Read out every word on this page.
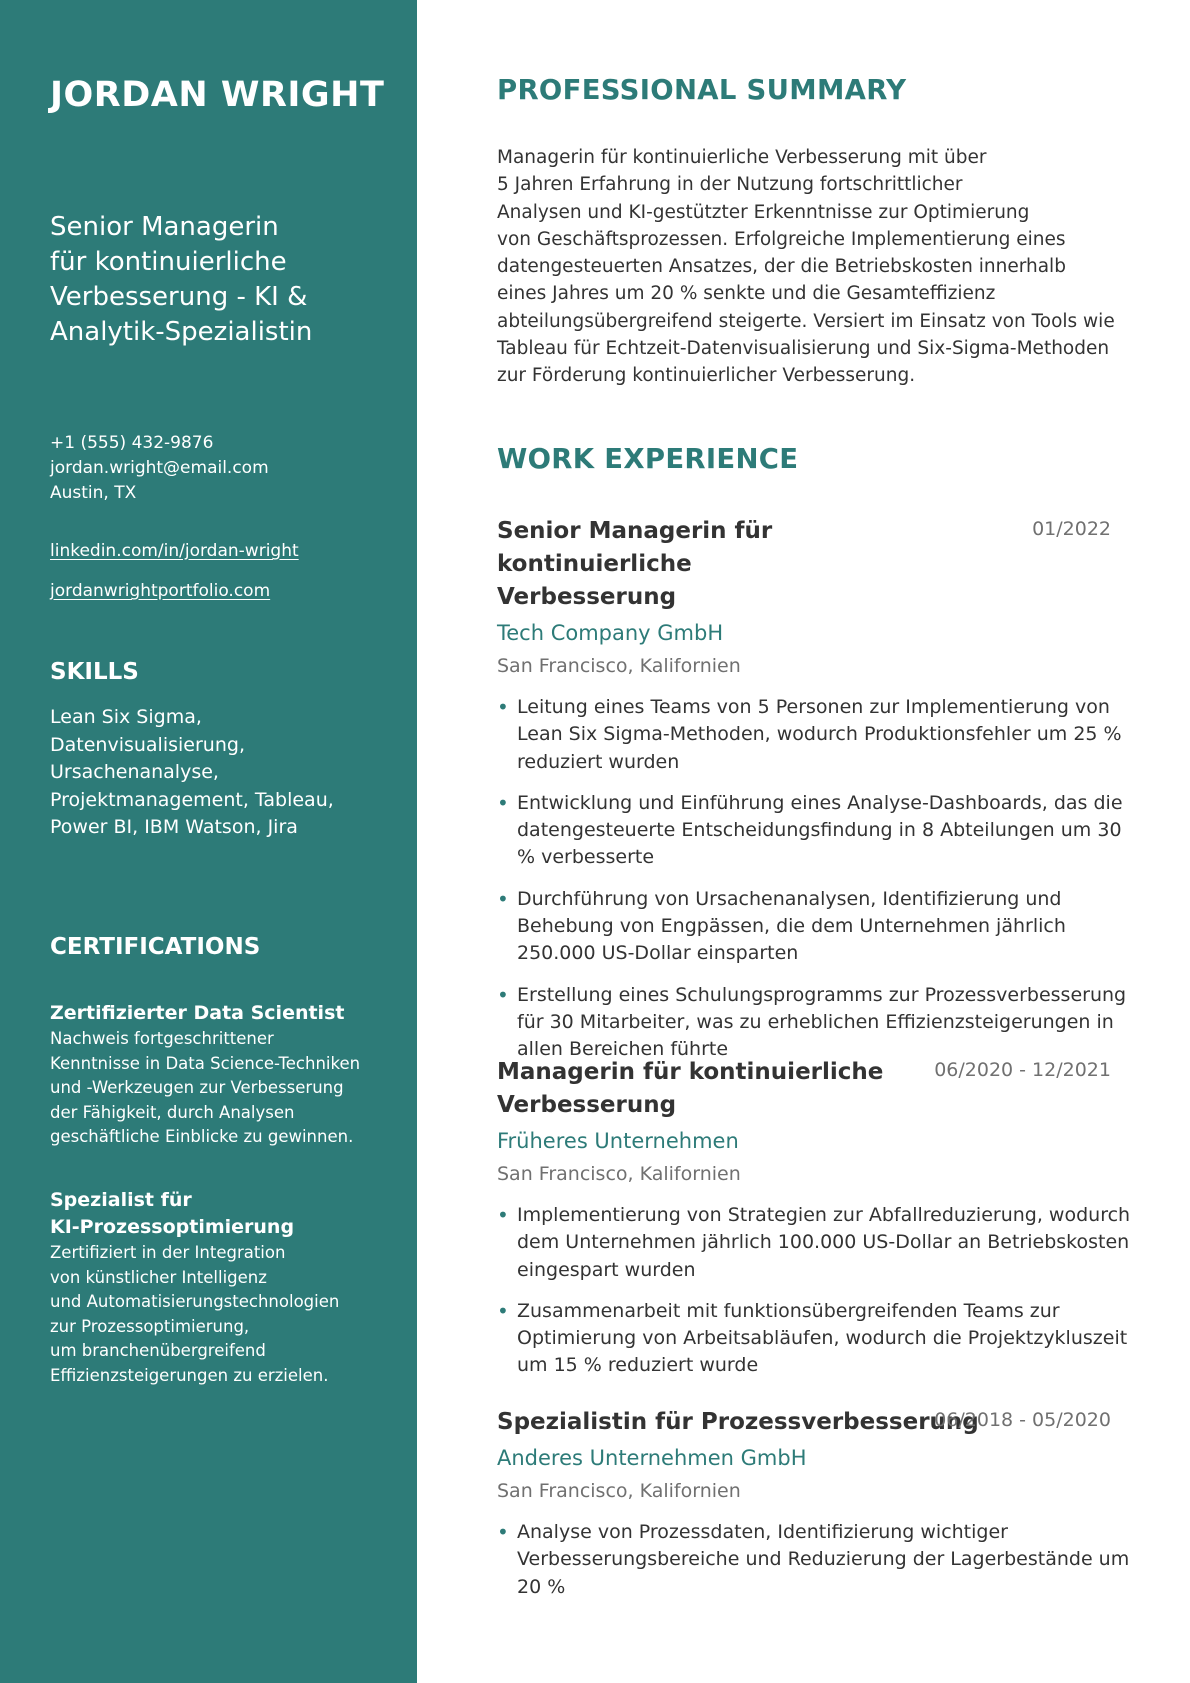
JORDAN WRIGHT
Senior Managerin
für kontinuierliche
Verbesserung - KI &
Analytik-Spezialistin
+1 (555) 432-9876
jordan.wright@email.com
Austin, TX
linkedin.com/in/jordan-wright
jordanwrightportfolio.com
SKILLS
Lean Six Sigma,
Datenvisualisierung,
Ursachenanalyse,
Projektmanagement, Tableau,
Power BI, IBM Watson, Jira
CERTIFICATIONS
Zertifizierter Data Scientist
Nachweis fortgeschrittener
Kenntnisse in Data Science-Techniken
und -Werkzeugen zur Verbesserung
der Fähigkeit, durch Analysen
geschäftliche Einblicke zu gewinnen.
Spezialist für
KI-Prozessoptimierung
Zertifiziert in der Integration
von künstlicher Intelligenz
und Automatisierungstechnologien
zur Prozessoptimierung,
um branchenübergreifend
Effizienzsteigerungen zu erzielen.
PROFESSIONAL SUMMARY
Managerin für kontinuierliche Verbesserung mit über
5 Jahren Erfahrung in der Nutzung fortschrittlicher
Analysen und KI-gestützter Erkenntnisse zur Optimierung
von Geschäftsprozessen. Erfolgreiche Implementierung eines
datengesteuerten Ansatzes, der die Betriebskosten innerhalb
eines Jahres um 20 % senkte und die Gesamteffizienz
abteilungsübergreifend steigerte. Versiert im Einsatz von Tools wie
Tableau für Echtzeit-Datenvisualisierung und Six-Sigma-Methoden
zur Förderung kontinuierlicher Verbesserung.
WORK EXPERIENCE
Senior Managerin für kontinuierliche
Verbesserung
01/2022
Tech Company GmbH
San Francisco, Kalifornien
• Leitung eines Teams von 5 Personen zur Implementierung von
Lean Six Sigma-Methoden, wodurch Produktionsfehler um 25 %
reduziert wurden
• Entwicklung und Einführung eines Analyse-Dashboards, das die
datengesteuerte Entscheidungsfindung in 8 Abteilungen um 30
% verbesserte
• Durchführung von Ursachenanalysen, Identifizierung und
Behebung von Engpässen, die dem Unternehmen jährlich
250.000 US-Dollar einsparten
• Erstellung eines Schulungsprogramms zur Prozessverbesserung
für 30 Mitarbeiter, was zu erheblichen Effizienzsteigerungen in
allen Bereichen führte
Managerin für kontinuierliche
Verbesserung
06/2020 - 12/2021
Früheres Unternehmen
San Francisco, Kalifornien
• Implementierung von Strategien zur Abfallreduzierung, wodurch
dem Unternehmen jährlich 100.000 US-Dollar an Betriebskosten
eingespart wurden
• Zusammenarbeit mit funktionsübergreifenden Teams zur
Optimierung von Arbeitsabläufen, wodurch die Projektzykluszeit
um 15 % reduziert wurde
Spezialistin für Prozessverbesserung
06/2018 - 05/2020
Anderes Unternehmen GmbH
San Francisco, Kalifornien
• Analyse von Prozessdaten, Identifizierung wichtiger
Verbesserungsbereiche und Reduzierung der Lagerbestände um
20 %
